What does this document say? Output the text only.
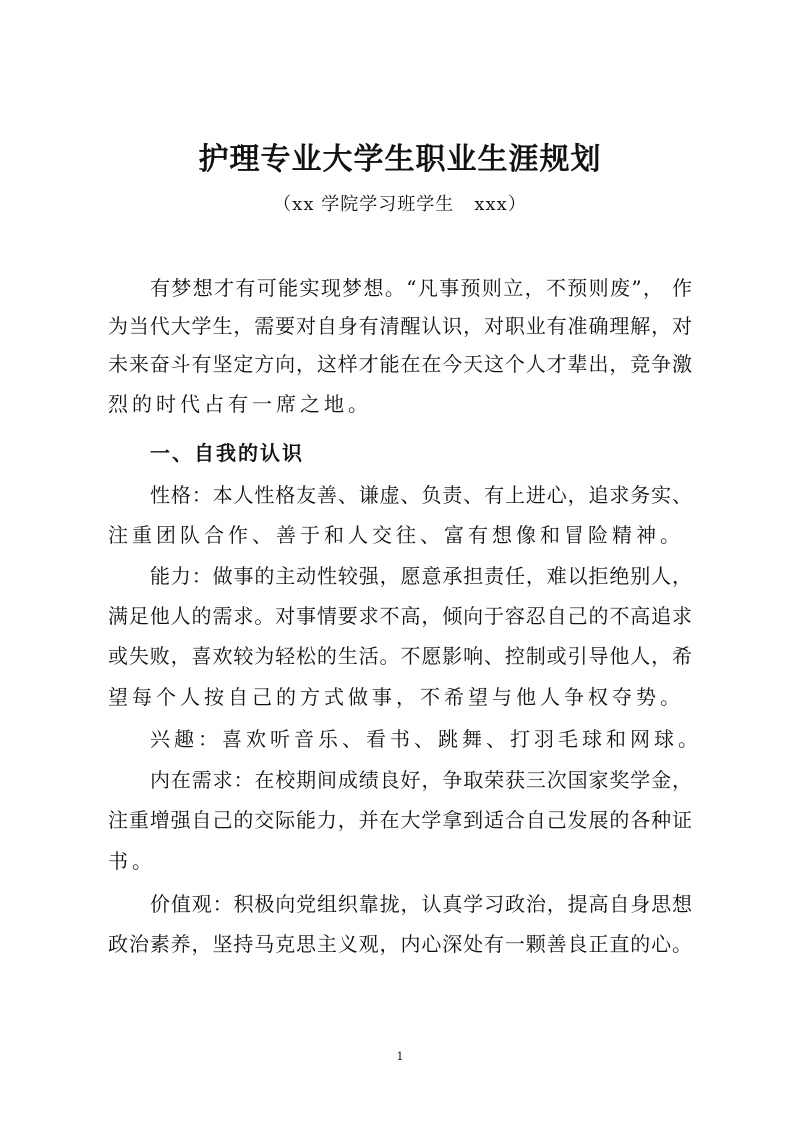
护理专业大学生职业生涯规划
（xx 学院学习班学生   xxx）
有梦想才有可能实现梦想。“凡事预则立，不预则废”， 作
为当代大学生，需要对自身有清醒认识，对职业有准确理解，对
未来奋斗有坚定方向，这样才能在在今天这个人才辈出，竞争激
烈的时代占有一席之地。
一、自我的认识
性格：本人性格友善、谦虚、负责、有上进心，追求务实、
注重团队合作、善于和人交往、富有想像和冒险精神。
能力：做事的主动性较强，愿意承担责任，难以拒绝别人，
满足他人的需求。对事情要求不高，倾向于容忍自己的不高追求
或失败，喜欢较为轻松的生活。不愿影响、控制或引导他人，希
望每个人按自己的方式做事，不希望与他人争权夺势。
兴趣：喜欢听音乐、看书、跳舞、打羽毛球和网球。
内在需求：在校期间成绩良好，争取荣获三次国家奖学金，
注重增强自己的交际能力，并在大学拿到适合自己发展的各种证
书。
价值观：积极向党组织靠拢，认真学习政治，提高自身思想
政治素养，坚持马克思主义观，内心深处有一颗善良正直的心。
1
